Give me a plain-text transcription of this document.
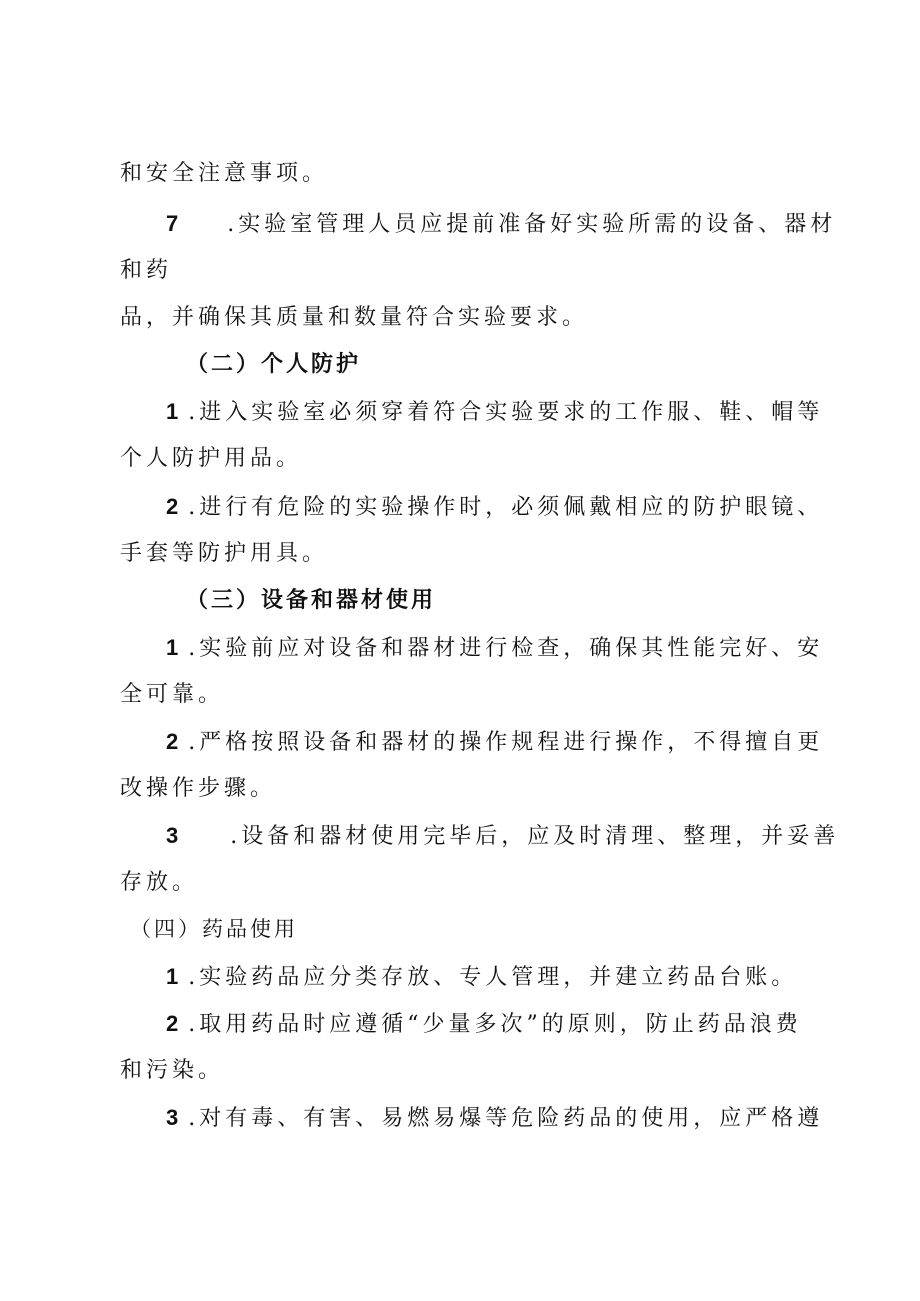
和安全注意事项。
7 .实验室管理人员应提前准备好实验所需的设备、器材
和药
品，并确保其质量和数量符合实验要求。
（二）个人防护
1 .进入实验室必须穿着符合实验要求的工作服、鞋、帽等
个人防护用品。
2 .进行有危险的实验操作时，必须佩戴相应的防护眼镜、
手套等防护用具。
（三）设备和器材使用
1 .实验前应对设备和器材进行检查，确保其性能完好、安
全可靠。
2 .严格按照设备和器材的操作规程进行操作，不得擅自更
改操作步骤。
3 .设备和器材使用完毕后，应及时清理、整理，并妥善
存放。
（四）药品使用
1 .实验药品应分类存放、专人管理，并建立药品台账。
2 .取用药品时应遵循“少量多次”的原则，防止药品浪费
和污染。
3 .对有毒、有害、易燃易爆等危险药品的使用，应严格遵
